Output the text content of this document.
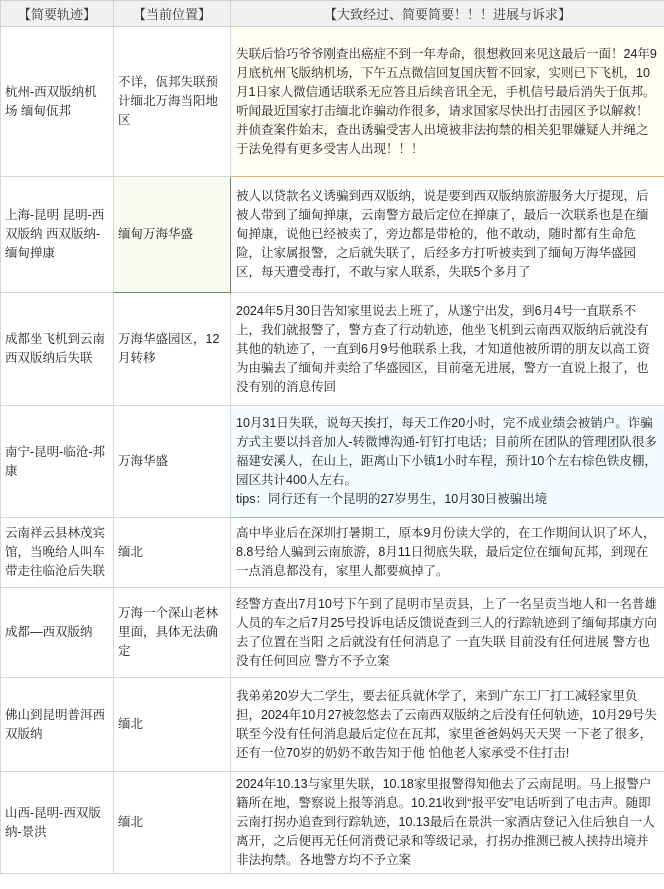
【简要轨迹】	【当前位置】	【大致经过、简要简要！！！进展与诉求】
杭州-西双版纳机场 缅甸佤邦	不详，佤邦失联预计缅北万海当阳地区	失联后恰巧爷爷刚查出癌症不到一年寿命，很想救回来见这最后一面！24年9月底杭州飞版纳机场，下午五点微信回复国庆暂不回家，实则已下飞机，10月1日家人微信通话联系无应答且后续音讯全无，手机信号最后消失于佤邦。听闻最近国家打击缅北诈骗动作很多，请求国家尽快出打击园区予以解救！并侦查案件始末，查出诱骗受害人出境被非法拘禁的相关犯罪嫌疑人并绳之于法免得有更多受害人出现！！！
上海-昆明 昆明-西双版纳 西双版纳-缅甸掸康	缅甸万海华盛	被人以贷款名义诱骗到西双版纳，说是要到西双版纳旅游服务大厅提现，后被人带到了缅甸掸康，云南警方最后定位在掸康了，最后一次联系也是在缅甸掸康，说他已经被卖了，旁边都是带枪的，他不敢动，随时都有生命危险，让家属报警，之后就失联了，后经多方打听被卖到了缅甸万海华盛园区，每天遭受毒打，不敢与家人联系，失联5个多月了
成都坐飞机到云南西双版纳后失联	万海华盛园区，12月转移	2024年5月30日告知家里说去上班了，从遂宁出发，到6月4号一直联系不上，我们就报警了，警方查了行动轨迹，他坐飞机到云南西双版纳后就没有其他的轨迹了，一直到6月9号他联系上我，才知道他被所谓的朋友以高工资为由骗去了缅甸并卖给了华盛园区，目前毫无进展，警方一直说上报了，也没有别的消息传回
南宁-昆明-临沧-邦康	万海华盛	10月31日失联，说每天挨打，每天工作20小时，完不成业绩会被销户。诈骗方式主要以抖音加人-转微博沟通-钉钉打电话；目前所在团队的管理团队很多福建安溪人，在山上，距离山下小镇1小时车程，预计10个左右棕色铁皮棚，园区共计400人左右。
tips：同行还有一个昆明的27岁男生，10月30日被骗出境

云南祥云县林茂宾馆，当晚给人叫车带走往临沧后失联	缅北	高中毕业后在深圳打暑期工，原本9月份读大学的，在工作期间认识了坏人，8.8号给人骗到云南旅游，8月11日彻底失联，最后定位在缅甸瓦邦，到现在一点消息都没有，家里人都要疯掉了。
成都—西双版纳	万海一个深山老林里面，具体无法确定	经警方查出7月10号下午到了昆明市呈贡县，上了一名呈贡当地人和一名普雄人员的车之后7月25号投诉电话反馈说查到三人的行踪轨迹到了缅甸邦康方向去了位置在当阳 之后就没有任何消息了 一直失联 目前没有任何进展 警方也没有任何回应 警方不予立案
佛山到昆明普洱西双版纳	缅北	我弟弟20岁大二学生，要去征兵就休学了，来到广东工厂打工减轻家里负担，2024年10月27被忽悠去了云南西双版纳之后没有任何轨迹，10月29号失联至今没有任何消息最后定位在瓦邦，家里爸爸妈妈天天哭 一下老了很多，还有一位70岁的奶奶不敢告知于他 怕他老人家承受不住打击!
山西-昆明-西双版纳-景洪	缅北	2024年10.13与家里失联，10.18家里报警得知他去了云南昆明。马上报警户籍所在地，警察说上报等消息。10.21收到“报平安”电话听到了电击声。随即云南打拐办追查到行踪轨迹，10.13最后在景洪一家酒店登记入住后独自一人离开，之后便再无任何消费记录和等级记录，打拐办推测已被人挟持出境并非法拘禁。各地警方均不予立案
